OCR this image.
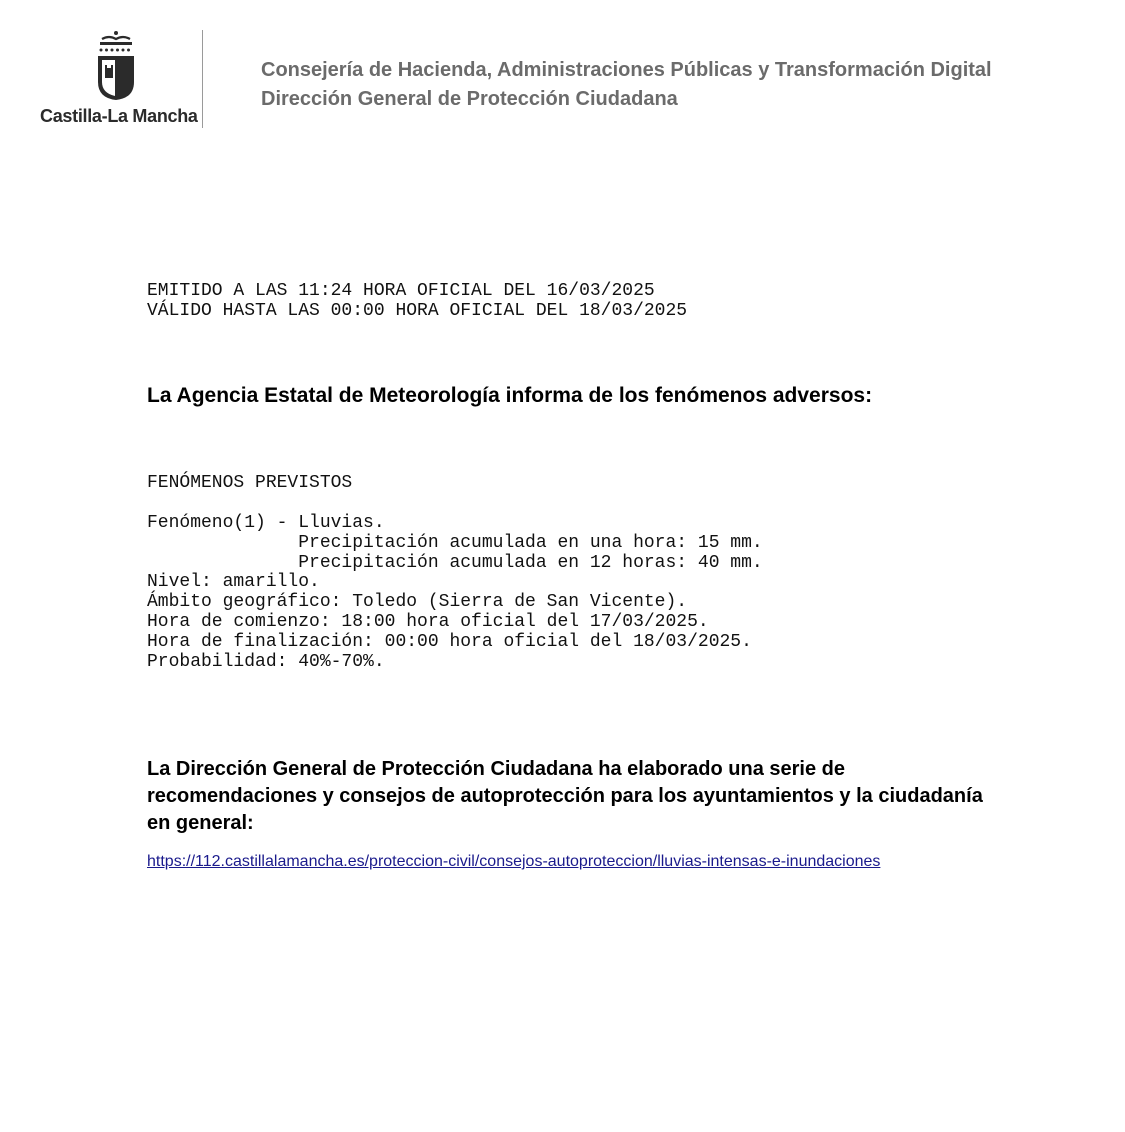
Castilla-La Mancha
Consejería de Hacienda, Administraciones Públicas y Transformación Digital
Dirección General de Protección Ciudadana
EMITIDO A LAS 11:24 HORA OFICIAL DEL 16/03/2025
VÁLIDO HASTA LAS 00:00 HORA OFICIAL DEL 18/03/2025
La Agencia Estatal de Meteorología informa de los fenómenos adversos:
FENÓMENOS PREVISTOS
Fenómeno(1) - Lluvias.
Precipitación acumulada en una hora: 15 mm.
Precipitación acumulada en 12 horas: 40 mm.
Nivel: amarillo.
Ámbito geográfico: Toledo (Sierra de San Vicente).
Hora de comienzo: 18:00 hora oficial del 17/03/2025.
Hora de finalización: 00:00 hora oficial del 18/03/2025.
Probabilidad: 40%-70%.
La Dirección General de Protección Ciudadana ha elaborado una serie de recomendaciones y consejos de autoprotección para los ayuntamientos y la ciudadanía en general:
https://112.castillalamancha.es/proteccion-civil/consejos-autoproteccion/lluvias-intensas-e-inundaciones
